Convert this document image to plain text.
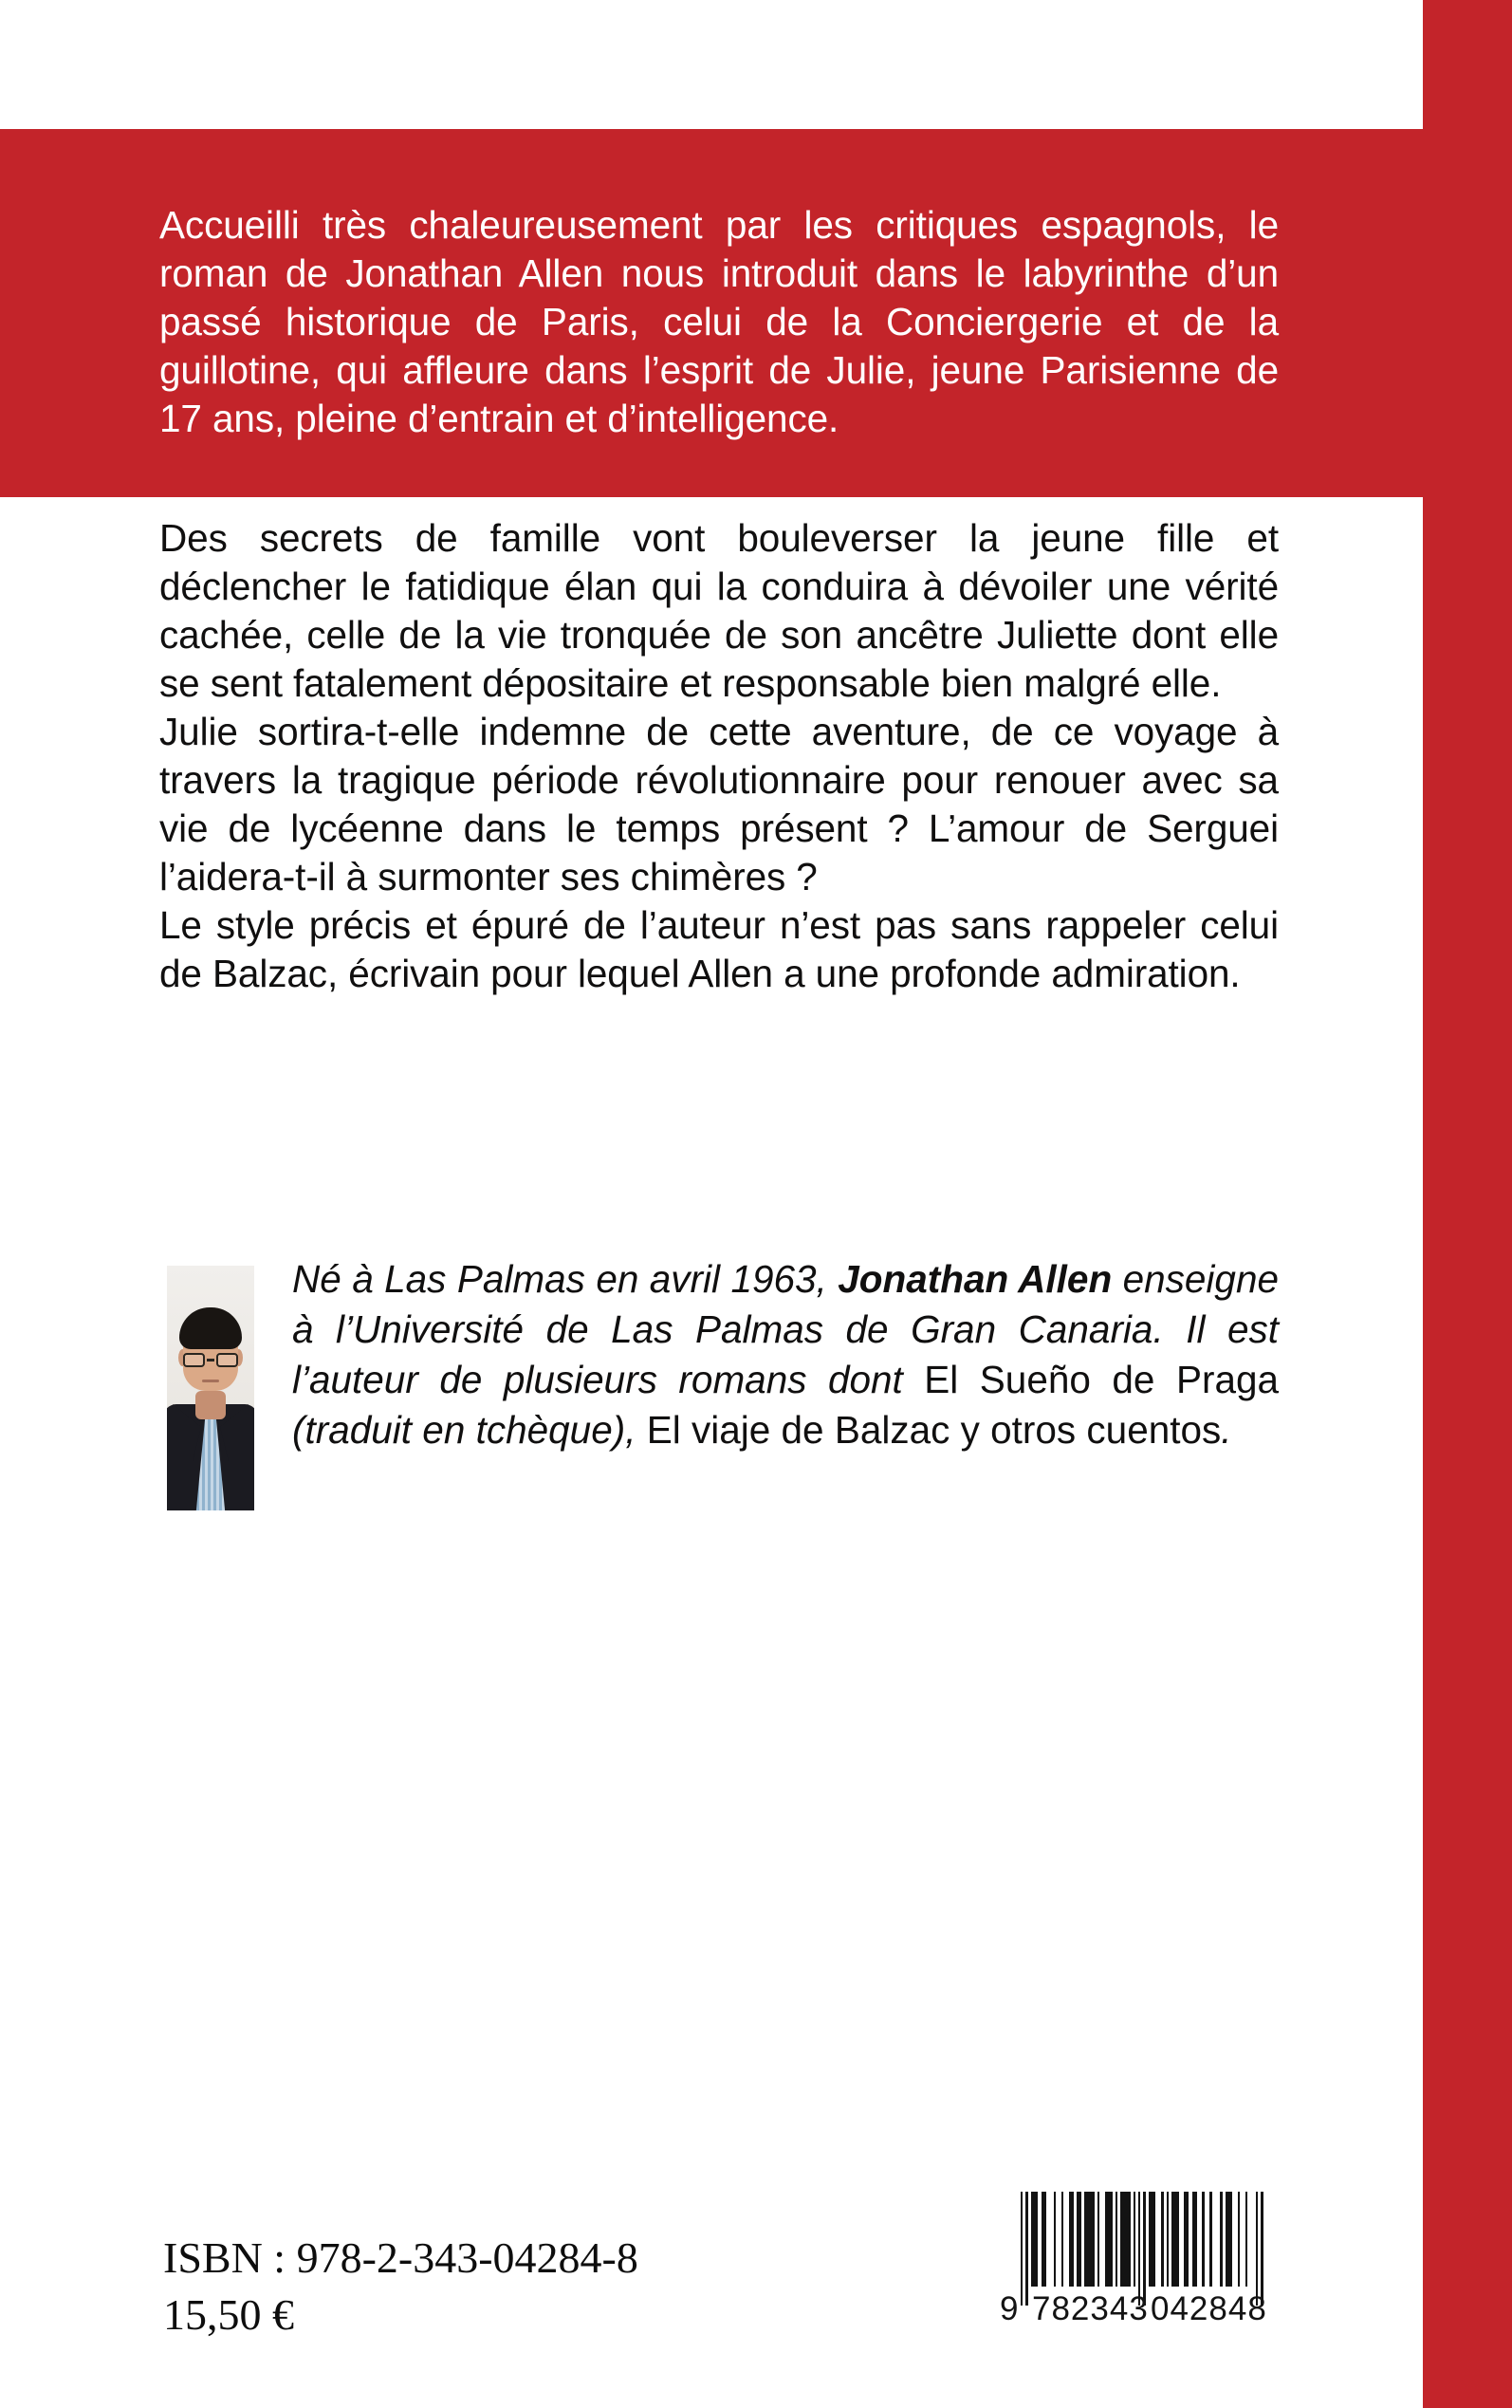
Accueilli très chaleureusement par les critiques espagnols, le roman de Jonathan Allen nous introduit dans le labyrinthe d’un passé historique de Paris, celui de la Conciergerie et de la guillotine, qui affleure dans l’esprit de Julie, jeune Parisienne de 17 ans, pleine d’entrain et d’intelligence.

Des secrets de famille vont bouleverser la jeune fille et déclencher le fatidique élan qui la conduira à dévoiler une vérité cachée, celle de la vie tronquée de son ancêtre Juliette dont elle se sent fatalement dépositaire et responsable bien malgré elle.

Julie sortira-t-elle indemne de cette aventure, de ce voyage à travers la tragique période révolutionnaire pour renouer avec sa vie de lycéenne dans le temps présent ? L’amour de Serguei l’aidera-t-il à surmonter ses chimères ?

Le style précis et épuré de l’auteur n’est pas sans rappeler celui de Balzac, écrivain pour lequel Allen a une profonde admiration.

Né à Las Palmas en avril 1963, Jonathan Allen enseigne à l’Université de Las Palmas de Gran Canaria. Il est l’auteur de plusieurs romans dont El Sueño de Praga (traduit en tchèque), El viaje de Balzac y otros cuentos.

ISBN : 978-2-343-04284-8
15,50 €	9 782343 042848
